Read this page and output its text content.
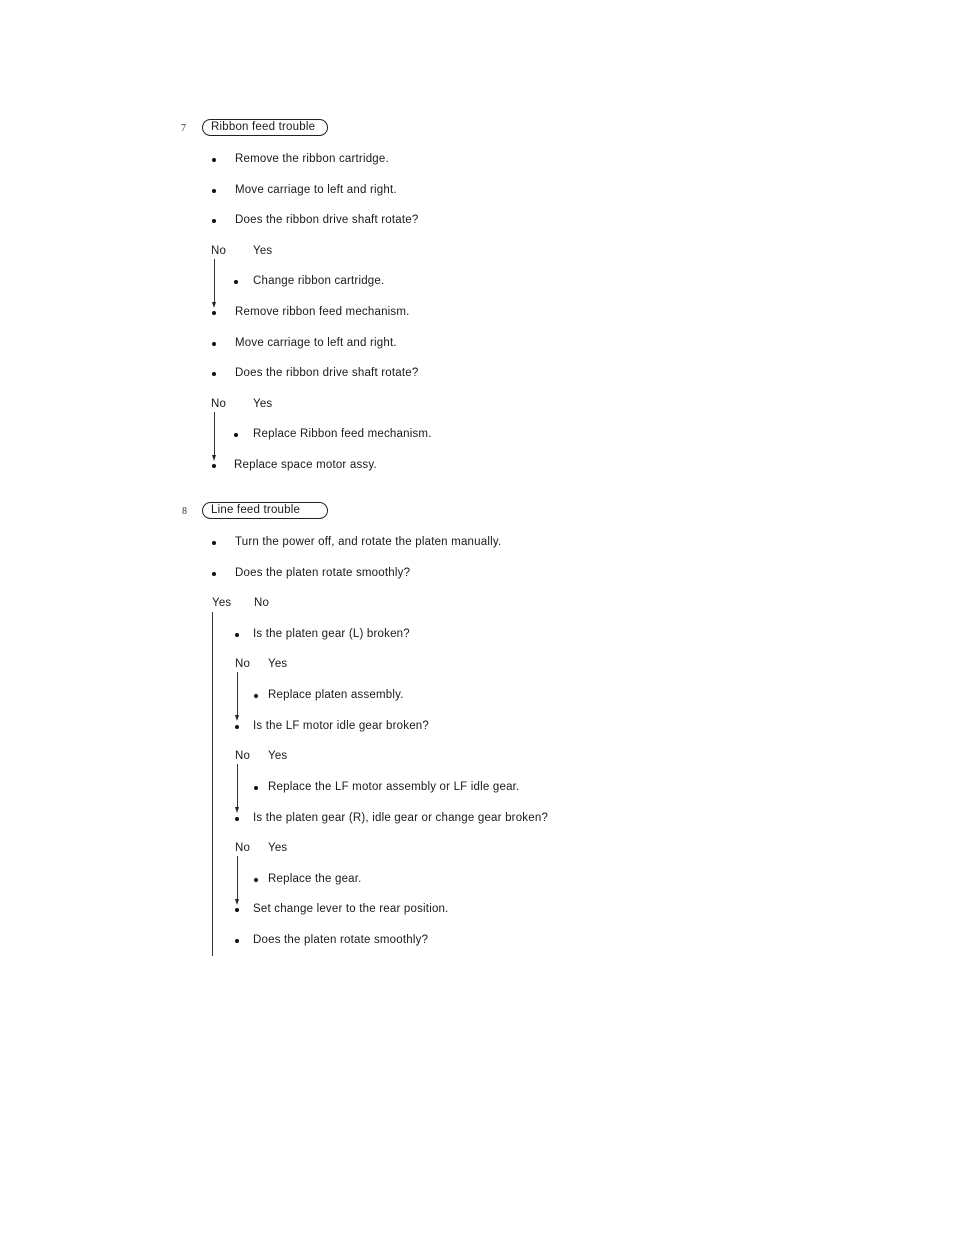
7	Ribbon feed trouble
Remove the ribbon cartridge.
Move carriage to left and right.
Does the ribbon drive shaft rotate?
No Yes
Change ribbon cartridge.
Remove ribbon feed mechanism.
Move carriage to left and right.
Does the ribbon drive shaft rotate?
No Yes
Replace Ribbon feed mechanism.
Replace space motor assy.
8	Line feed trouble
Turn the power off, and rotate the platen manually.
Does the platen rotate smoothly?
Yes No
Is the platen gear (L) broken?
No Yes
Replace platen assembly.
Is the LF motor idle gear broken?
No Yes
Replace the LF motor assembly or LF idle gear.
Is the platen gear (R), idle gear or change gear broken?
No Yes
Replace the gear.
Set change lever to the rear position.
Does the platen rotate smoothly?
